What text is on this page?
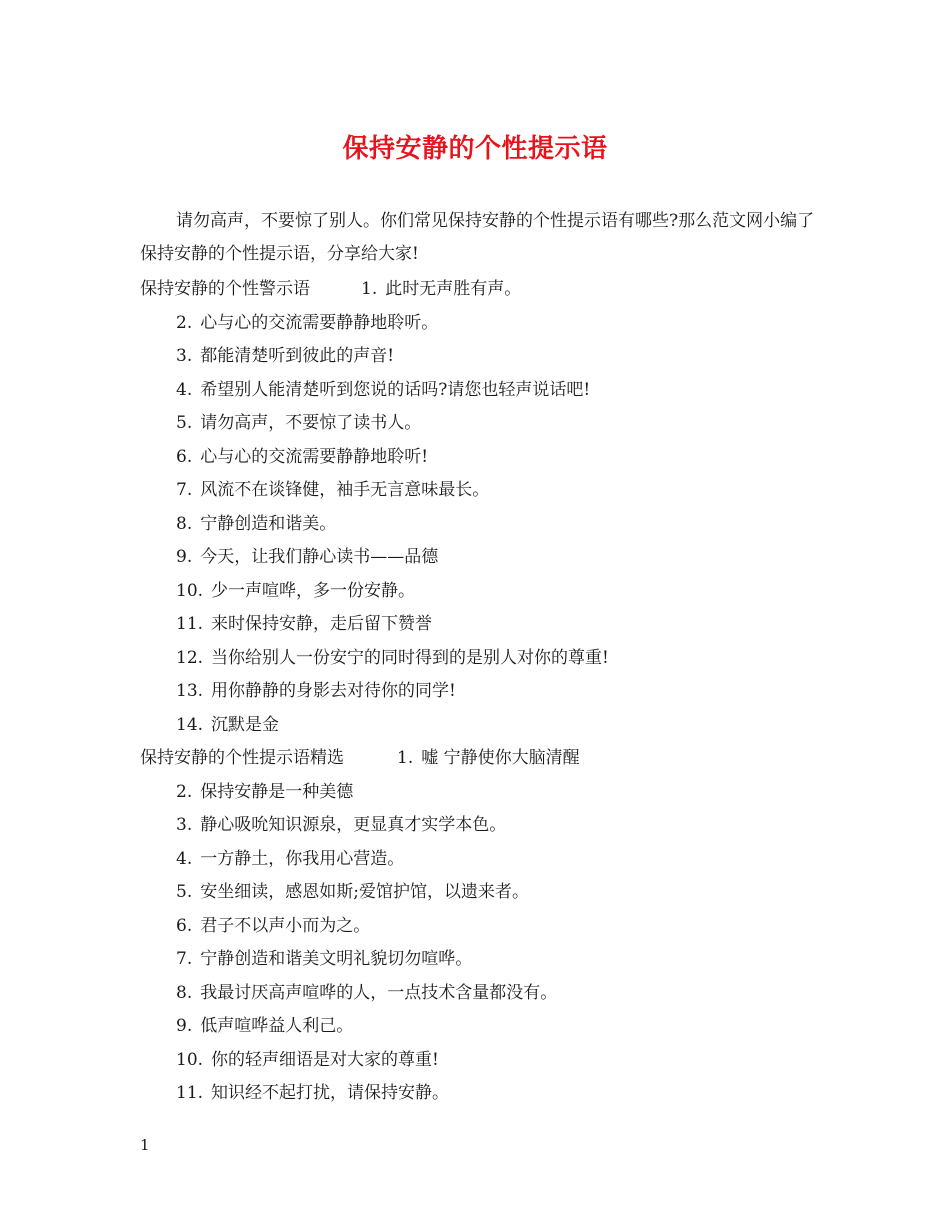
保持安静的个性提示语
请勿高声，不要惊了别人。你们常见保持安静的个性提示语有哪些?那么范文网小编了保持安静的个性提示语，分享给大家!
保持安静的个性警示语	1. 此时无声胜有声。
2. 心与心的交流需要静静地聆听。
3. 都能清楚听到彼此的声音!
4. 希望别人能清楚听到您说的话吗?请您也轻声说话吧!
5. 请勿高声，不要惊了读书人。
6. 心与心的交流需要静静地聆听!
7. 风流不在谈锋健，袖手无言意味最长。
8. 宁静创造和谐美。
9. 今天，让我们静心读书——品德
10. 少一声喧哗，多一份安静。
11. 来时保持安静，走后留下赞誉
12. 当你给别人一份安宁的同时得到的是别人对你的尊重!
13. 用你静静的身影去对待你的同学!
14. 沉默是金
保持安静的个性提示语精选	1. 嘘 宁静使你大脑清醒
2. 保持安静是一种美德
3. 静心吸吮知识源泉，更显真才实学本色。
4. 一方静土，你我用心营造。
5. 安坐细读，感恩如斯;爱馆护馆，以遗来者。
6. 君子不以声小而为之。
7. 宁静创造和谐美文明礼貌切勿喧哗。
8. 我最讨厌高声喧哗的人，一点技术含量都没有。
9. 低声喧哗益人利己。
10. 你的轻声细语是对大家的尊重!
11. 知识经不起打扰，请保持安静。
1
